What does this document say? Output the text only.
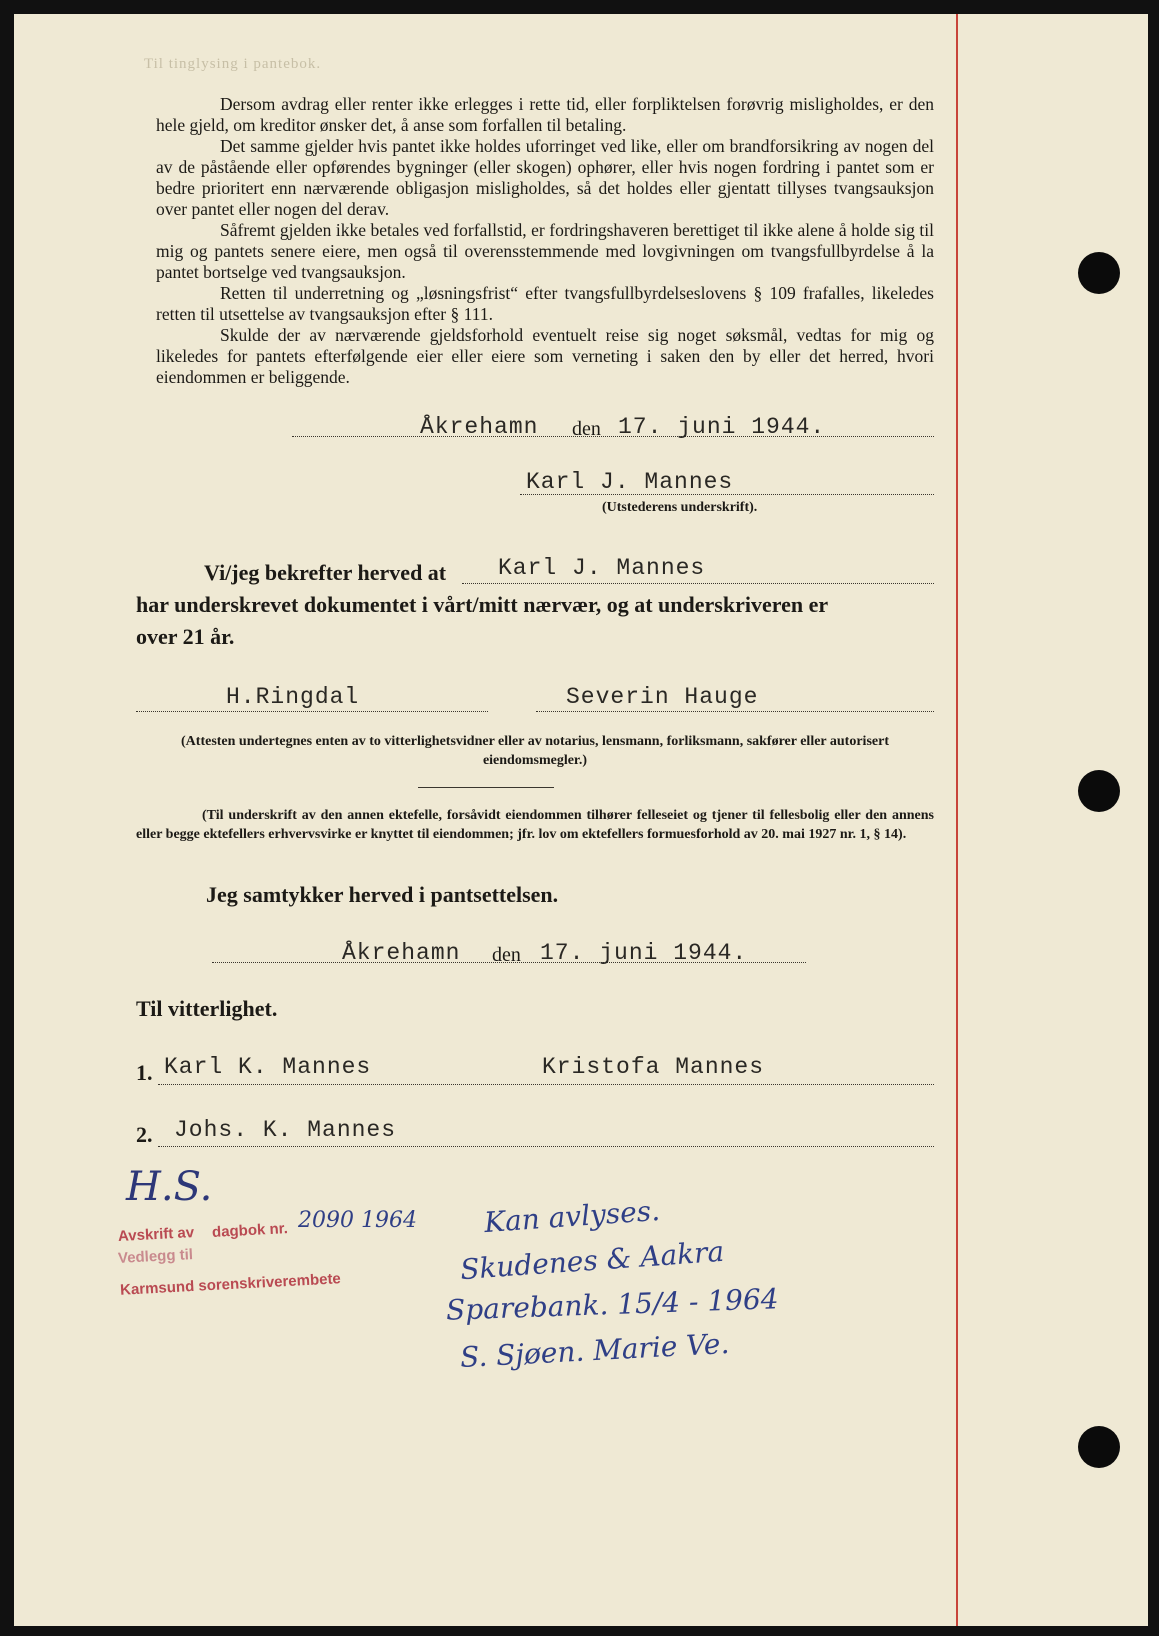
Til tinglysing i pantebok.

Dersom avdrag eller renter ikke erlegges i rette tid, eller forpliktelsen forøvrig misligholdes, er den hele gjeld, om kreditor ønsker det, å anse som forfallen til betaling.

Det samme gjelder hvis pantet ikke holdes uforringet ved like, eller om brandforsikring av nogen del av de påstående eller opførendes bygninger (eller skogen) ophører, eller hvis nogen fordring i pantet som er bedre prioritert enn nærværende obligasjon misligholdes, så det holdes eller gjentatt tillyses tvangsauksjon over pantet eller nogen del derav.

Såfremt gjelden ikke betales ved forfallstid, er fordringshaveren berettiget til ikke alene å holde sig til mig og pantets senere eiere, men også til overensstemmende med lovgivningen om tvangsfullbyrdelse å la pantet bortselge ved tvangsauksjon.

Retten til underretning og „løsningsfrist“ efter tvangsfullbyrdelseslovens § 109 frafalles, likeledes retten til utsettelse av tvangsauksjon efter § 111.

Skulde der av nærværende gjeldsforhold eventuelt reise sig noget søksmål, vedtas for mig og likeledes for pantets efterfølgende eier eller eiere som verneting i saken den by eller det herred, hvori eiendommen er beliggende.

Åkrehamn den 17. juni 1944.
Karl J. Mannes
(Utstederens underskrift).
Vi/jeg bekrefter herved at Karl J. Mannes
har underskrevet dokumentet i vårt/mitt nærvær, og at underskriveren er
over 21 år.
H.Ringdal	Severin Hauge
(Attesten undertegnes enten av to vitterlighetsvidner eller av notarius, lensmann, forliksmann, sakfører eller autorisert eiendomsmegler.)
(Til underskrift av den annen ektefelle, forsåvidt eiendommen tilhører felleseiet og tjener til fellesbolig eller den annens eller begge ektefellers erhvervsvirke er knyttet til eiendommen; jfr. lov om ektefellers formuesforhold av 20. mai 1927 nr. 1, § 14).
Jeg samtykker herved i pantsettelsen.
Åkrehamn den 17. juni 1944.
Til vitterlighet.
1. Karl K. Mannes	Kristofa Mannes
2. Johs. K. Mannes
H.S.
Avskrift av dagbok nr. 2090 1964
Vedlegg til
Karmsund sorenskriverembete
Kan avlyses.
Skudenes & Aakra
Sparebank. 15/4 - 1964
S. Sjøen. Marie Ve.
